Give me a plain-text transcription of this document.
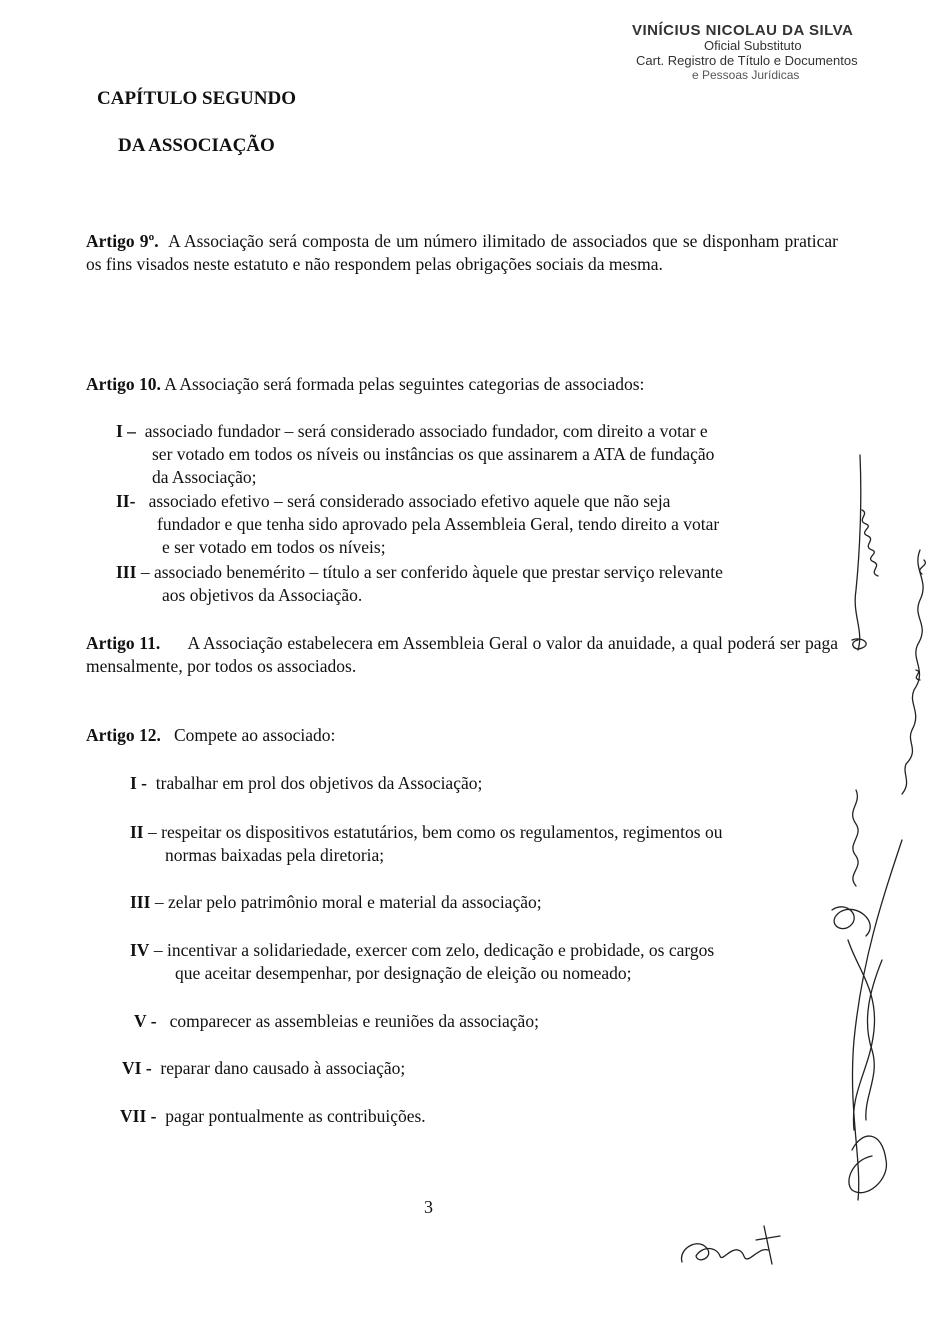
VINÍCIUS NICOLAU DA SILVA
Oficial Substituto
Cart. Registro de Título e Documentos
e Pessoas Jurídicas
CAPÍTULO SEGUNDO
DA ASSOCIAÇÃO
Artigo 9º. A Associação será composta de um número ilimitado de associados que se disponham praticar os fins visados neste estatuto e não respondem pelas obrigações sociais da mesma.
Artigo 10. A Associação será formada pelas seguintes categorias de associados:
I – associado fundador – será considerado associado fundador, com direito a votar e
ser votado em todos os níveis ou instâncias os que assinarem a ATA de fundação
da Associação;
II- associado efetivo – será considerado associado efetivo aquele que não seja
fundador e que tenha sido aprovado pela Assembleia Geral, tendo direito a votar
e ser votado em todos os níveis;
III – associado benemérito – título a ser conferido àquele que prestar serviço relevante
aos objetivos da Associação.
Artigo 11. A Associação estabelecera em Assembleia Geral o valor da anuidade, a qual poderá ser paga mensalmente, por todos os associados.
Artigo 12. Compete ao associado:
I - trabalhar em prol dos objetivos da Associação;
II – respeitar os dispositivos estatutários, bem como os regulamentos, regimentos ou
normas baixadas pela diretoria;
III – zelar pelo patrimônio moral e material da associação;
IV – incentivar a solidariedade, exercer com zelo, dedicação e probidade, os cargos
que aceitar desempenhar, por designação de eleição ou nomeado;
V - comparecer as assembleias e reuniões da associação;
VI - reparar dano causado à associação;
VII - pagar pontualmente as contribuições.
3
